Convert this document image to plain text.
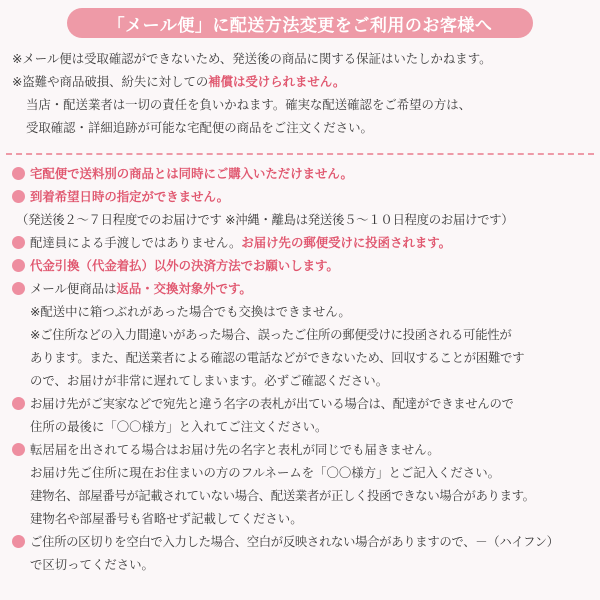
「メール便」に配送方法変更をご利用のお客様へ
※メール便は受取確認ができないため、発送後の商品に関する保証はいたしかねます。
※盗難や商品破損、紛失に対しての補償は受けられません。
当店・配送業者は一切の責任を負いかねます。確実な配送確認をご希望の方は、
受取確認・詳細追跡が可能な宅配便の商品をご注文ください。
宅配便で送料別の商品とは同時にご購入いただけません。
到着希望日時の指定ができません。
（発送後２～７日程度でのお届けです ※沖縄・離島は発送後５～１０日程度のお届けです）
配達員による手渡しではありません。お届け先の郵便受けに投函されます。
代金引換（代金着払）以外の決済方法でお願いします。
メール便商品は返品・交換対象外です。
※配送中に箱つぶれがあった場合でも交換はできません。
※ご住所などの入力間違いがあった場合、誤ったご住所の郵便受けに投函される可能性が
あります。また、配送業者による確認の電話などができないため、回収することが困難です
ので、お届けが非常に遅れてしまいます。必ずご確認ください。
お届け先がご実家などで宛先と違う名字の表札が出ている場合は、配達ができませんので
住所の最後に「〇〇様方」と入れてご注文ください。
転居届を出されてる場合はお届け先の名字と表札が同じでも届きません。
お届け先ご住所に現在お住まいの方のフルネームを「〇〇様方」とご記入ください。
建物名、部屋番号が記載されていない場合、配送業者が正しく投函できない場合があります。
建物名や部屋番号も省略せず記載してください。
ご住所の区切りを空白で入力した場合、空白が反映されない場合がありますので、－（ハイフン）
で区切ってください。
